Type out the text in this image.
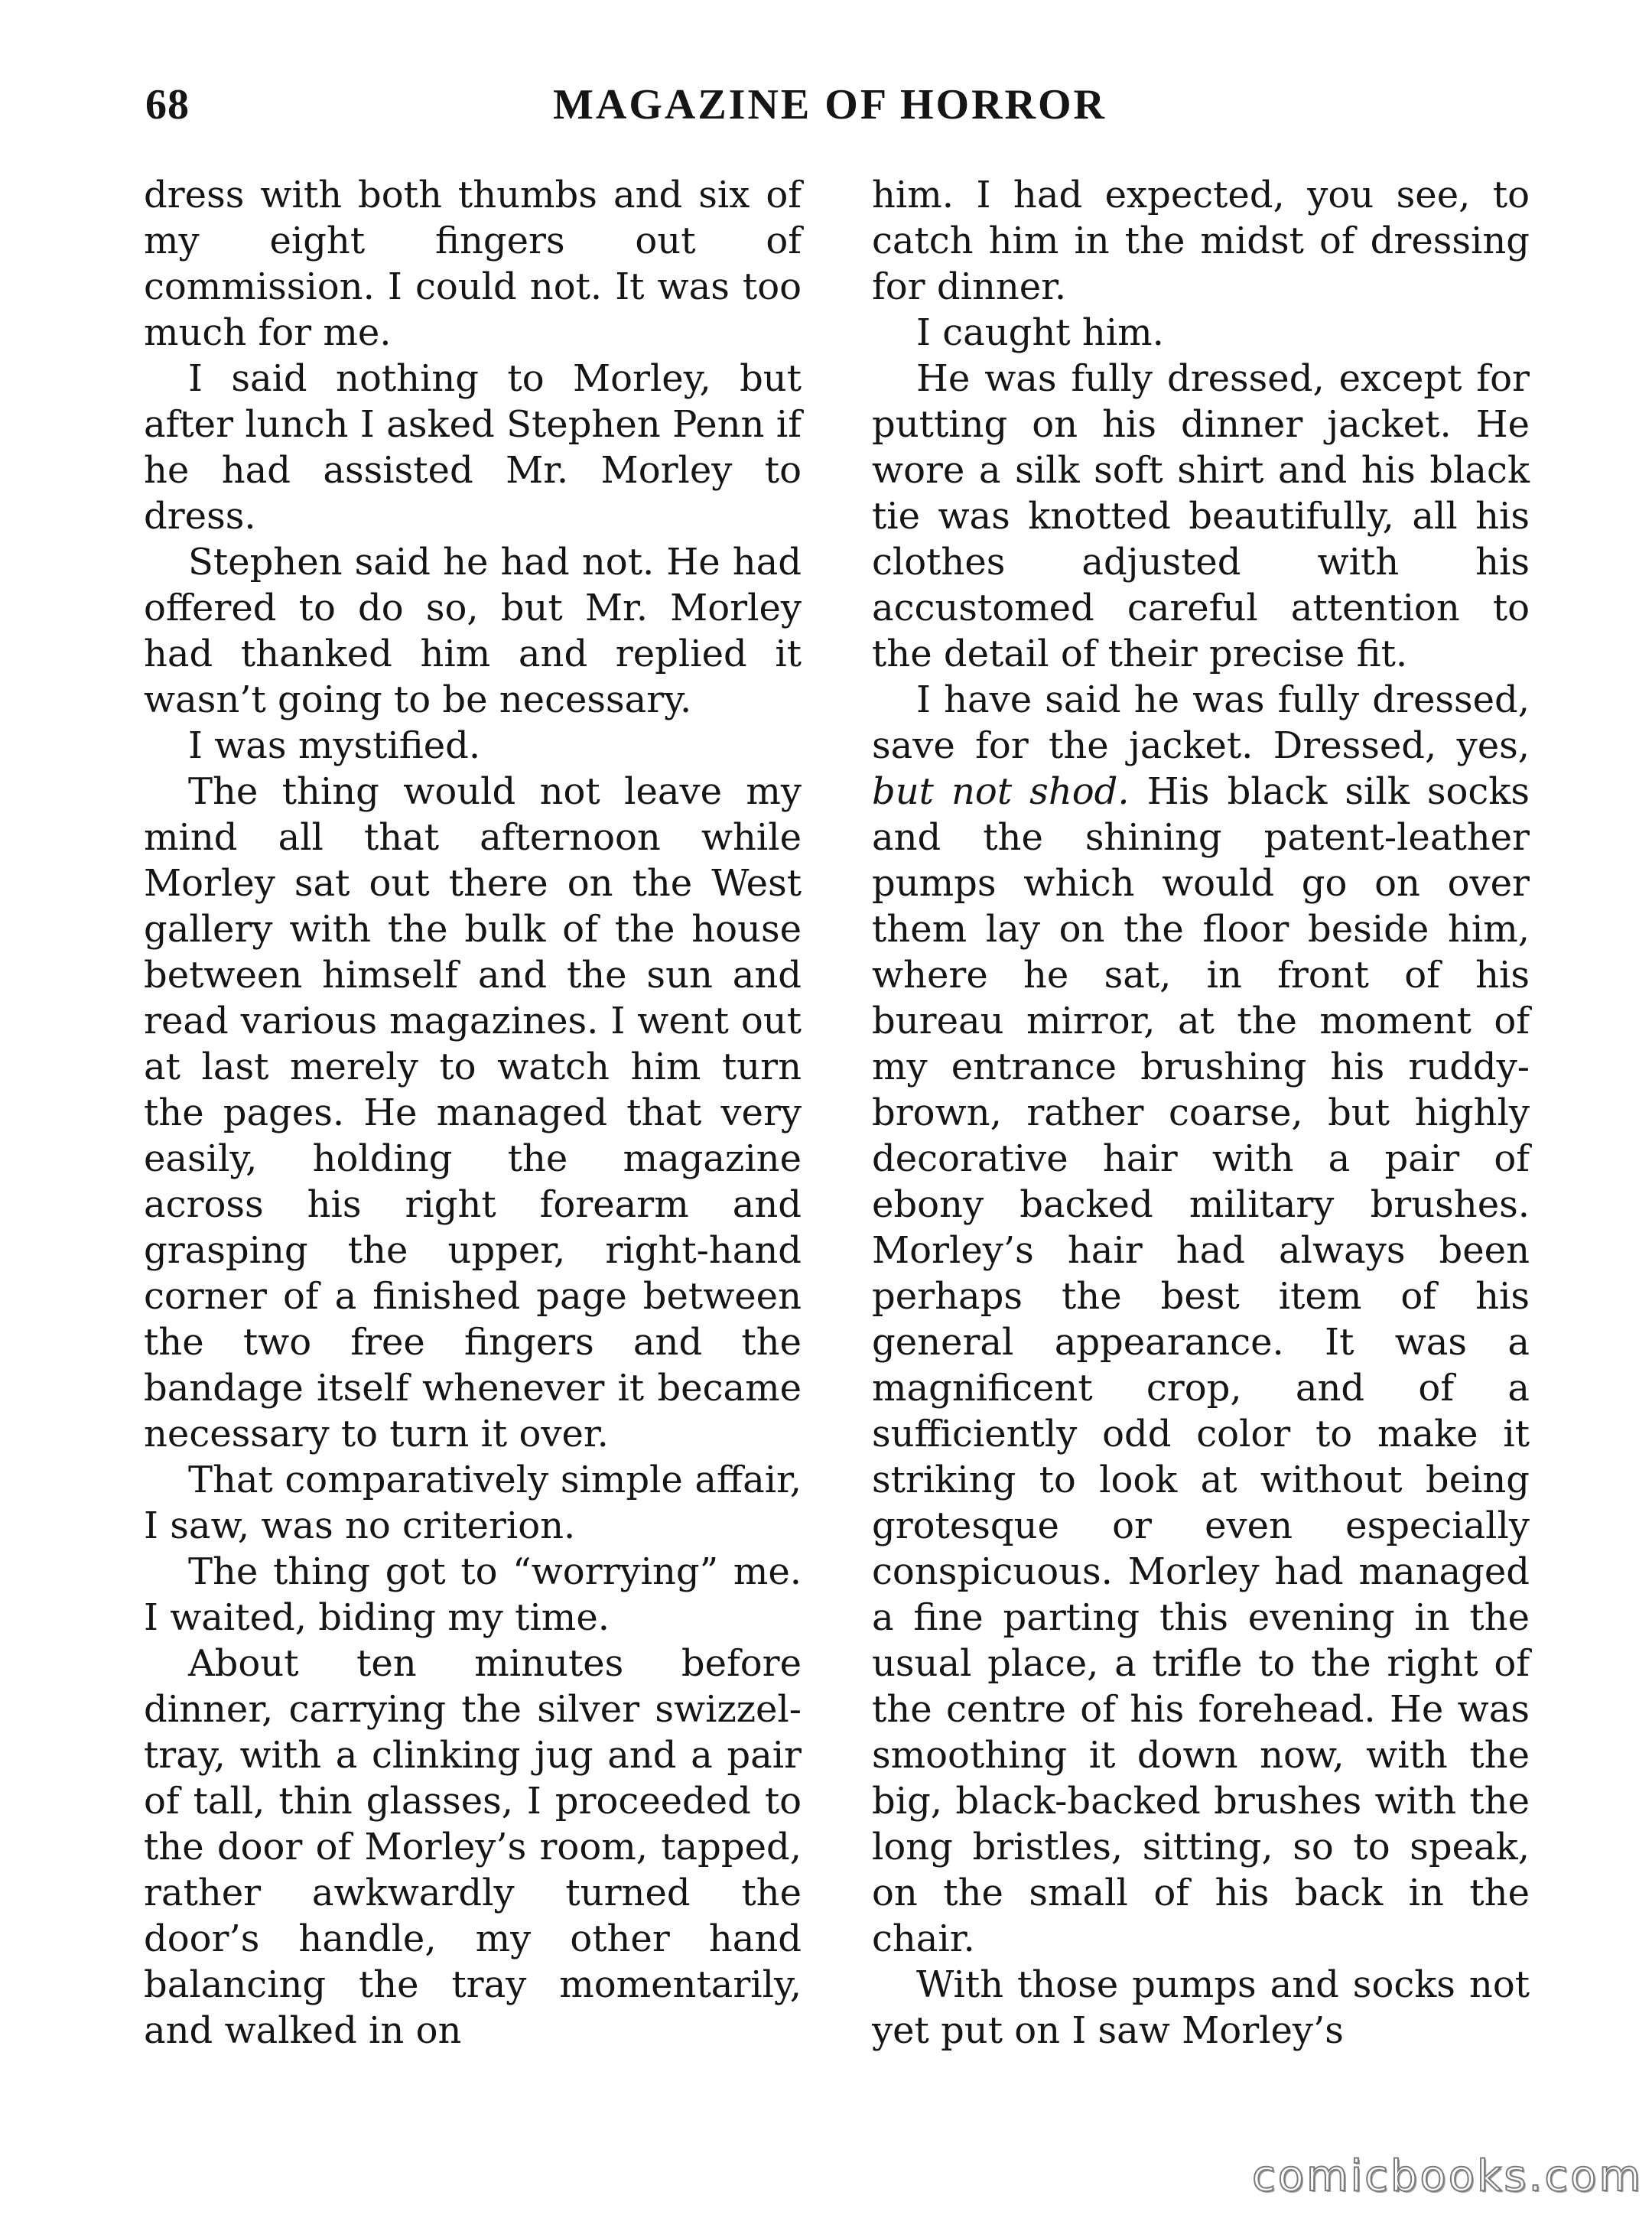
68	MAGAZINE OF HORROR

dress with both thumbs and six of my eight fingers out of commission. I could not. It was too much for me.

I said nothing to Morley, but after lunch I asked Stephen Penn if he had assisted Mr. Morley to dress.

Stephen said he had not. He had offered to do so, but Mr. Morley had thanked him and replied it wasn’t going to be necessary.

I was mystified.

The thing would not leave my mind all that afternoon while Morley sat out there on the West gallery with the bulk of the house between himself and the sun and read various magazines. I went out at last merely to watch him turn the pages. He managed that very easily, holding the magazine across his right forearm and grasping the upper, right-hand corner of a finished page between the two free fingers and the bandage itself whenever it became necessary to turn it over.

That comparatively simple affair, I saw, was no criterion.

The thing got to “worrying” me. I waited, biding my time.

About ten minutes before dinner, carrying the silver swizzel-tray, with a clinking jug and a pair of tall, thin glasses, I proceeded to the door of Morley’s room, tapped, rather awkwardly turned the door’s handle, my other hand balancing the tray momentarily, and walked in on

him. I had expected, you see, to catch him in the midst of dressing for dinner.

I caught him.

He was fully dressed, except for putting on his dinner jacket. He wore a silk soft shirt and his black tie was knotted beautifully, all his clothes adjusted with his accustomed careful attention to the detail of their precise fit.

I have said he was fully dressed, save for the jacket. Dressed, yes, but not shod. His black silk socks and the shining patent-leather pumps which would go on over them lay on the floor beside him, where he sat, in front of his bureau mirror, at the moment of my entrance brushing his ruddy-brown, rather coarse, but highly decorative hair with a pair of ebony backed military brushes. Morley’s hair had always been perhaps the best item of his general appearance. It was a magnificent crop, and of a sufficiently odd color to make it striking to look at without being grotesque or even especially conspicuous. Morley had managed a fine parting this evening in the usual place, a trifle to the right of the centre of his forehead. He was smoothing it down now, with the big, black-backed brushes with the long bristles, sitting, so to speak, on the small of his back in the chair.

With those pumps and socks not yet put on I saw Morley’s

comicbooks.com
